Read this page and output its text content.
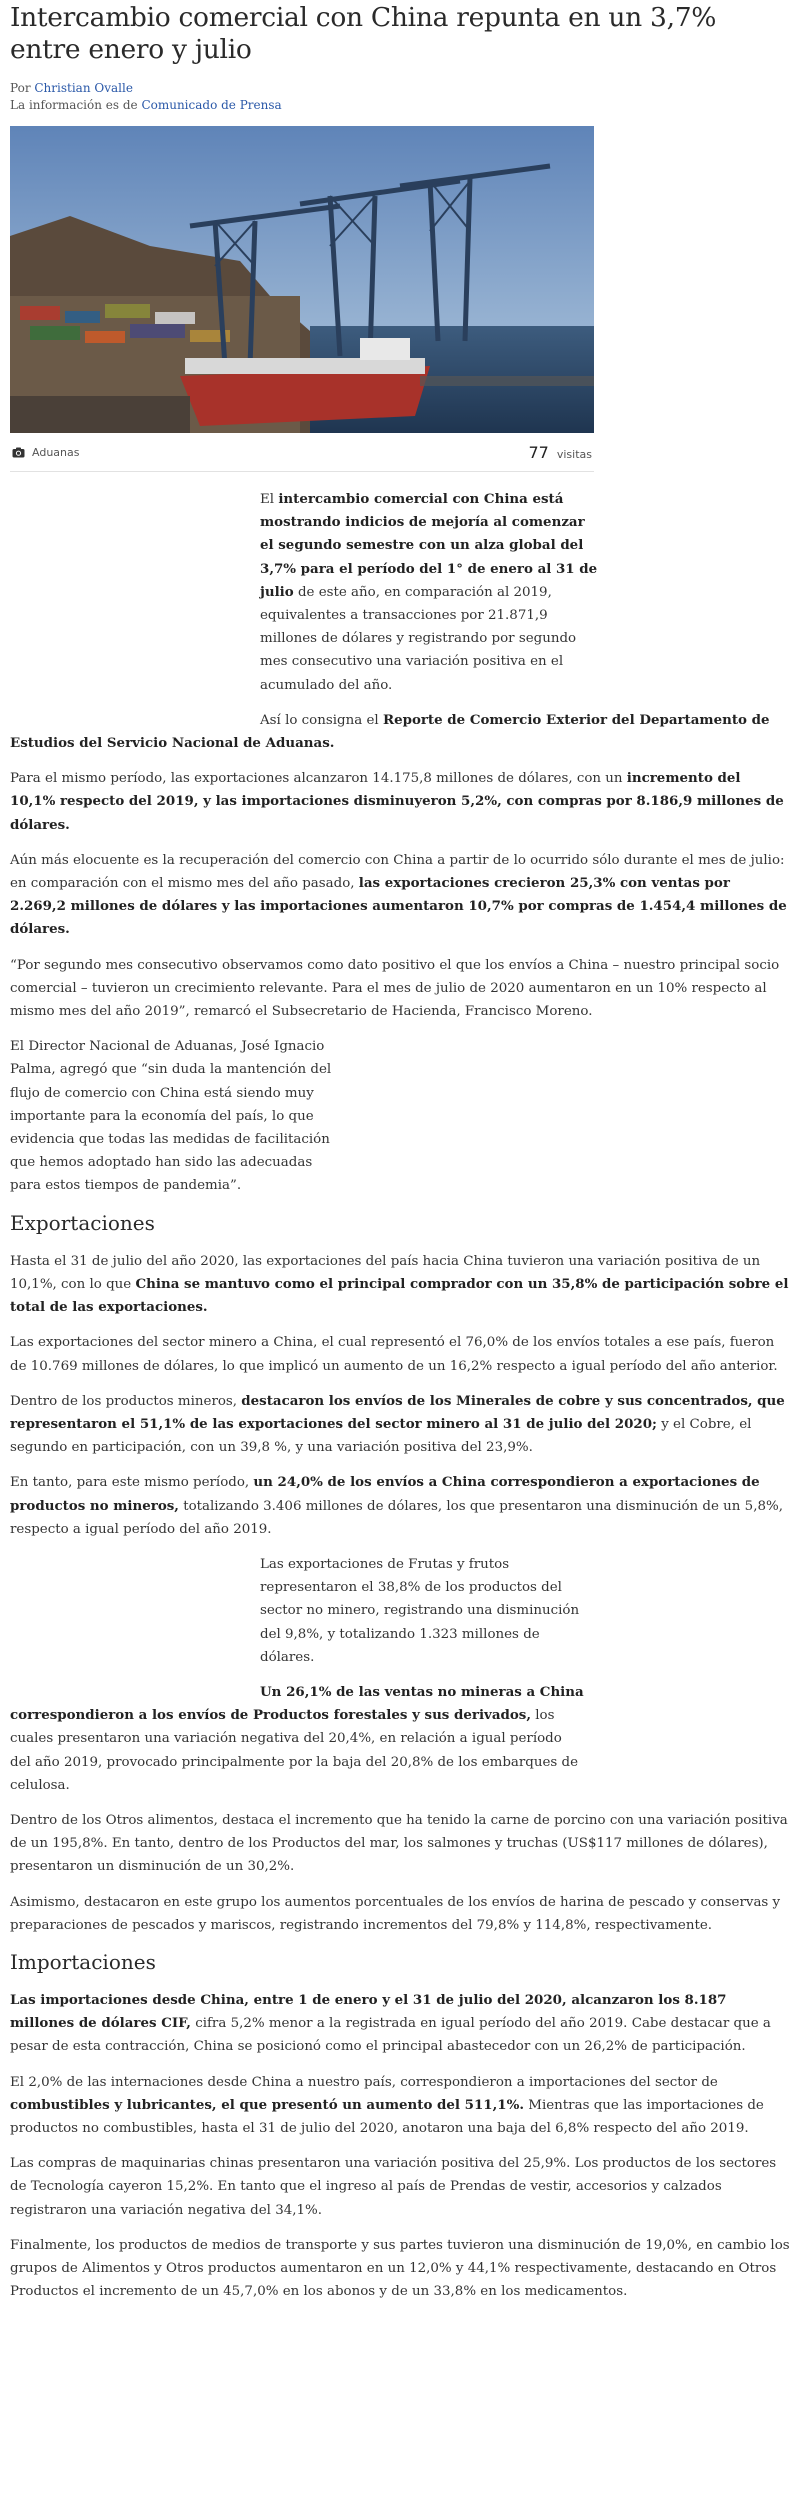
Intercambio comercial con China repunta en un 3,7% entre enero y julio
Por Christian Ovalle
La información es de Comunicado de Prensa
Aduanas	77 visitas

El intercambio comercial con China está mostrando indicios de mejoría al comenzar el segundo semestre con un alza global del 3,7% para el período del 1° de enero al 31 de julio de este año, en comparación al 2019, equivalentes a transacciones por 21.871,9 millones de dólares y registrando por segundo mes consecutivo una variación positiva en el acumulado del año.

Así lo consigna el Reporte de Comercio Exterior del Departamento de Estudios del Servicio Nacional de Aduanas.

Para el mismo período, las exportaciones alcanzaron 14.175,8 millones de dólares, con un incremento del 10,1% respecto del 2019, y las importaciones disminuyeron 5,2%, con compras por 8.186,9 millones de dólares.

Aún más elocuente es la recuperación del comercio con China a partir de lo ocurrido sólo durante el mes de julio: en comparación con el mismo mes del año pasado, las exportaciones crecieron 25,3% con ventas por 2.269,2 millones de dólares y las importaciones aumentaron 10,7% por compras de 1.454,4 millones de dólares.

“Por segundo mes consecutivo observamos como dato positivo el que los envíos a China – nuestro principal socio comercial – tuvieron un crecimiento relevante. Para el mes de julio de 2020 aumentaron en un 10% respecto al mismo mes del año 2019”, remarcó el Subsecretario de Hacienda, Francisco Moreno.

El Director Nacional de Aduanas, José Ignacio Palma, agregó que “sin duda la mantención del flujo de comercio con China está siendo muy importante para la economía del país, lo que evidencia que todas las medidas de facilitación que hemos adoptado han sido las adecuadas para estos tiempos de pandemia”.

Exportaciones

Hasta el 31 de julio del año 2020, las exportaciones del país hacia China tuvieron una variación positiva de un 10,1%, con lo que China se mantuvo como el principal comprador con un 35,8% de participación sobre el total de las exportaciones.

Las exportaciones del sector minero a China, el cual representó el 76,0% de los envíos totales a ese país, fueron de 10.769 millones de dólares, lo que implicó un aumento de un 16,2% respecto a igual período del año anterior.

Dentro de los productos mineros, destacaron los envíos de los Minerales de cobre y sus concentrados, que representaron el 51,1% de las exportaciones del sector minero al 31 de julio del 2020; y el Cobre, el segundo en participación, con un 39,8 %, y una variación positiva del 23,9%.

En tanto, para este mismo período, un 24,0% de los envíos a China correspondieron a exportaciones de productos no mineros, totalizando 3.406 millones de dólares, los que presentaron una disminución de un 5,8%, respecto a igual período del año 2019.

Las exportaciones de Frutas y frutos representaron el 38,8% de los productos del sector no minero, registrando una disminución del 9,8%, y totalizando 1.323 millones de dólares.

Un 26,1% de las ventas no mineras a China correspondieron a los envíos de Productos forestales y sus derivados, los cuales presentaron una variación negativa del 20,4%, en relación a igual período del año 2019, provocado principalmente por la baja del 20,8% de los embarques de celulosa.

Dentro de los Otros alimentos, destaca el incremento que ha tenido la carne de porcino con una variación positiva de un 195,8%. En tanto, dentro de los Productos del mar, los salmones y truchas (US$117 millones de dólares), presentaron un disminución de un 30,2%.

Asimismo, destacaron en este grupo los aumentos porcentuales de los envíos de harina de pescado y conservas y preparaciones de pescados y mariscos, registrando incrementos del 79,8% y 114,8%, respectivamente.

Importaciones

Las importaciones desde China, entre 1 de enero y el 31 de julio del 2020, alcanzaron los 8.187 millones de dólares CIF, cifra 5,2% menor a la registrada en igual período del año 2019. Cabe destacar que a pesar de esta contracción, China se posicionó como el principal abastecedor con un 26,2% de participación.

El 2,0% de las internaciones desde China a nuestro país, correspondieron a importaciones del sector de combustibles y lubricantes, el que presentó un aumento del 511,1%. Mientras que las importaciones de productos no combustibles, hasta el 31 de julio del 2020, anotaron una baja del 6,8% respecto del año 2019.

Las compras de maquinarias chinas presentaron una variación positiva del 25,9%. Los productos de los sectores de Tecnología cayeron 15,2%. En tanto que el ingreso al país de Prendas de vestir, accesorios y calzados registraron una variación negativa del 34,1%.

Finalmente, los productos de medios de transporte y sus partes tuvieron una disminución de 19,0%, en cambio los grupos de Alimentos y Otros productos aumentaron en un 12,0% y 44,1% respectivamente, destacando en Otros Productos el incremento de un 45,7,0% en los abonos y de un 33,8% en los medicamentos.
